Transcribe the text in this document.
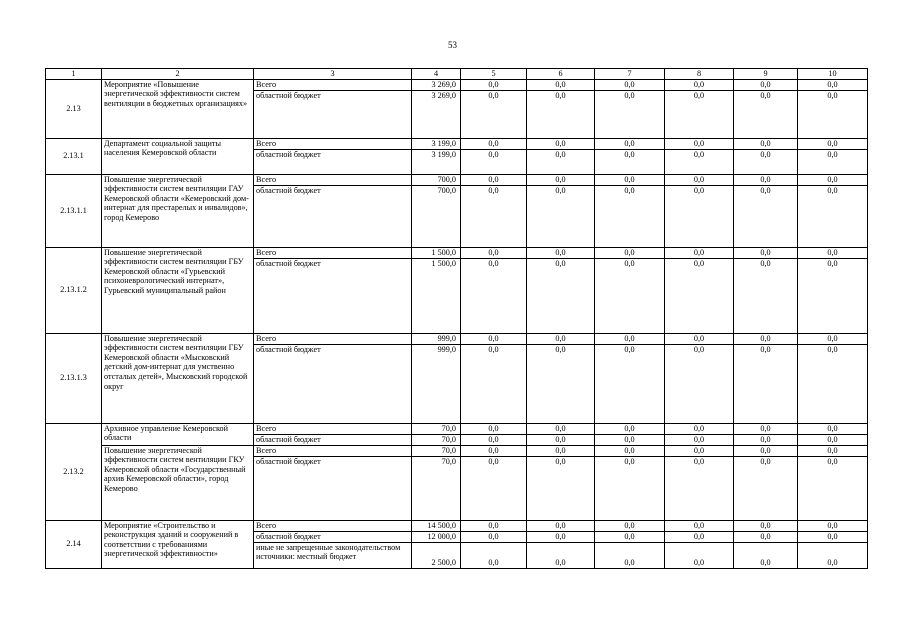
53
1	2	3	4	5	6	7	8	9	10
2.13	Мероприятие «Повышение энергетической эффективности систем вентиляции в бюджетных организациях»	Всего	3 269,0	0,0	0,0	0,0	0,0	0,0	0,0
		областной бюджет	3 269,0	0,0	0,0	0,0	0,0	0,0	0,0
2.13.1	Департамент социальной защиты населения Кемеровской области	Всего	3 199,0	0,0	0,0	0,0	0,0	0,0	0,0
		областной бюджет	3 199,0	0,0	0,0	0,0	0,0	0,0	0,0
2.13.1.1	Повышение энергетической эффективности систем вентиляции ГАУ Кемеровской области «Кемеровский дом-интернат для престарелых и инвалидов», город Кемерово	Всего	700,0	0,0	0,0	0,0	0,0	0,0	0,0
		областной бюджет	700,0	0,0	0,0	0,0	0,0	0,0	0,0
2.13.1.2	Повышение энергетической эффективности систем вентиляции ГБУ Кемеровской области «Гурьевский психоневрологический интернат», Гурьевский муниципальный район	Всего	1 500,0	0,0	0,0	0,0	0,0	0,0	0,0
		областной бюджет	1 500,0	0,0	0,0	0,0	0,0	0,0	0,0
2.13.1.3	Повышение энергетической эффективности систем вентиляции ГБУ Кемеровской области «Мысковский детский дом-интернат для умственно отсталых детей», Мысковский городской округ	Всего	999,0	0,0	0,0	0,0	0,0	0,0	0,0
		областной бюджет	999,0	0,0	0,0	0,0	0,0	0,0	0,0
2.13.2	Архивное управление Кемеровской области	Всего	70,0	0,0	0,0	0,0	0,0	0,0	0,0
		областной бюджет	70,0	0,0	0,0	0,0	0,0	0,0	0,0
	Повышение энергетической эффективности систем вентиляции ГКУ Кемеровской области «Государственный архив Кемеровской области», город Кемерово	Всего	70,0	0,0	0,0	0,0	0,0	0,0	0,0
		областной бюджет	70,0	0,0	0,0	0,0	0,0	0,0	0,0
2.14	Мероприятие «Строительство и реконструкция зданий и сооружений в соответствии с требованиями энергетической эффективности»	Всего	14 500,0	0,0	0,0	0,0	0,0	0,0	0,0
		областной бюджет	12 000,0	0,0	0,0	0,0	0,0	0,0	0,0
		иные не запрещенные законодательством источники: местный бюджет	2 500,0	0,0	0,0	0,0	0,0	0,0	0,0
